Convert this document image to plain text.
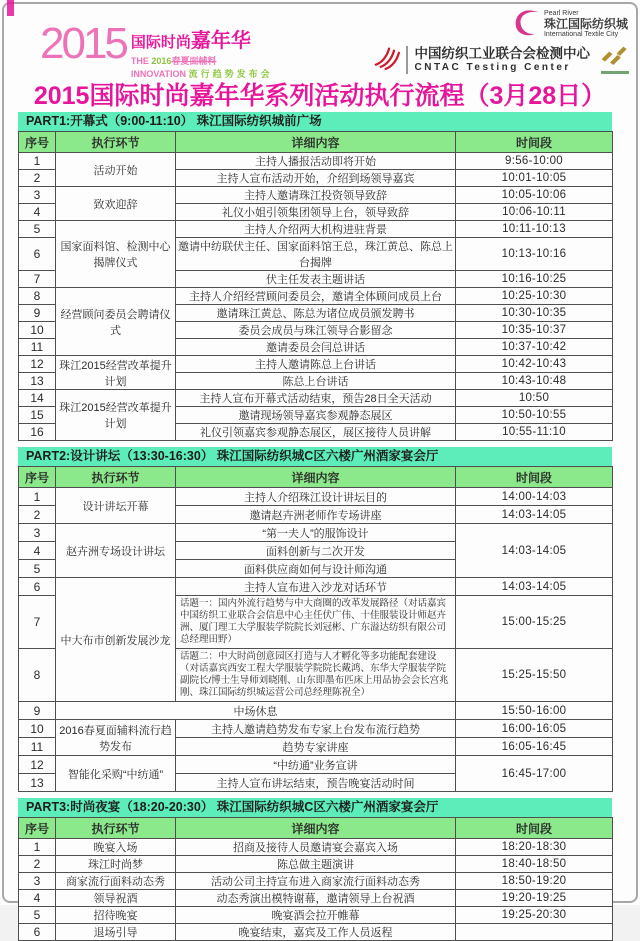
2015 国际时尚嘉年华
THE 2016春夏面辅料
INNOVATION 流行趋势发布会
Pearl River
珠江国际纺织城
International Textile City
中国纺织工业联合会检测中心
CNTAC Testing Center
2015国际时尚嘉年华系列活动执行流程（3月28日）
PART1:开幕式（9:00-11:10） 珠江国际纺织城前广场
序号	执行环节	详细内容	时间段
1	活动开始	主持人播报活动即将开始	9:56-10:00
2		主持人宣布活动开始，介绍到场领导嘉宾	10:01-10:05
3	致欢迎辞	主持人邀请珠江投资领导致辞	10:05-10:06
4		礼仪小姐引领集团领导上台，领导致辞	10:06-10:11
5	国家面料馆、检测中心揭牌仪式	主持人介绍两大机构进驻背景	10:11-10:13
6		邀请中纺联伏主任、国家面料馆王总，珠江黄总、陈总上台揭牌	10:13-10:16
7		伏主任发表主题讲话	10:16-10:25
8	经营顾问委员会聘请仪式	主持人介绍经营顾问委员会，邀请全体顾问成员上台	10:25-10:30
9		邀请珠江黄总、陈总为诸位成员颁发聘书	10:30-10:35
10		委员会成员与珠江领导合影留念	10:35-10:37
11		邀请委员会闫总讲话	10:37-10:42
12	珠江2015经营改革提升计划	主持人邀请陈总上台讲话	10:42-10:43
13		陈总上台讲话	10:43-10:48
14	珠江2015经营改革提升计划	主持人宣布开幕式活动结束，预告28日全天活动	10:50
15		邀请现场领导嘉宾参观静态展区	10:50-10:55
16		礼仪引领嘉宾参观静态展区，展区接待人员讲解	10:55-11:10
PART2:设计讲坛（13:30-16:30） 珠江国际纺织城C区六楼广州酒家宴会厅
序号	执行环节	详细内容	时间段
1	设计讲坛开幕	主持人介绍珠江设计讲坛目的	14:00-14:03
2		邀请赵卉洲老师作专场讲座	14:03-14:05
3	赵卉洲专场设计讲坛	“第一夫人”的服饰设计	14:03-14:05
4		面料创新与二次开发	
5		面料供应商如何与设计师沟通	
6	中大布市创新发展沙龙	主持人宣布进入沙龙对话环节	14:03-14:05
7		话题一：国内外流行趋势与中大商圈的改革发展路径（对话嘉宾中国纺织工业联合会信息中心主任伏广伟、十佳服装设计师赵卉洲、厦门理工大学服装学院院长刘冠彬、广东溢达纺织有限公司总经理田野）	15:00-15:25
8		话题二：中大时尚创意园区打造与人才孵化等多功能配套建设（对话嘉宾西安工程大学服装学院院长戴鸿、东华大学服装学院副院长/博士生导师刘晓刚、山东即墨布匹床上用品协会会长宫兆刚、珠江国际纺织城运营公司总经理陈祝全）	15:25-15:50
9	中场休息		15:50-16:00
10	2016春夏面辅料流行趋势发布	主持人邀请趋势发布专家上台发布流行趋势	16:00-16:05
11		趋势专家讲座	16:05-16:45
12	智能化采购“中纺通”	“中纺通”业务宣讲	16:45-17:00
13		主持人宣布讲坛结束，预告晚宴活动时间	
PART3:时尚夜宴（18:20-20:30） 珠江国际纺织城C区六楼广州酒家宴会厅
序号	执行环节	详细内容	时间段
1	晚宴入场	招商及接待人员邀请宴会嘉宾入场	18:20-18:30
2	珠江时尚梦	陈总做主题演讲	18:40-18:50
3	商家流行面料动态秀	活动公司主持宣布进入商家流行面料动态秀	18:50-19:20
4	领导祝酒	动态秀演出模特谢幕，邀请领导上台祝酒	19:20-19:25
5	招待晚宴	晚宴酒会拉开帷幕	19:25-20:30
6	退场引导	晚宴结束，嘉宾及工作人员返程	
